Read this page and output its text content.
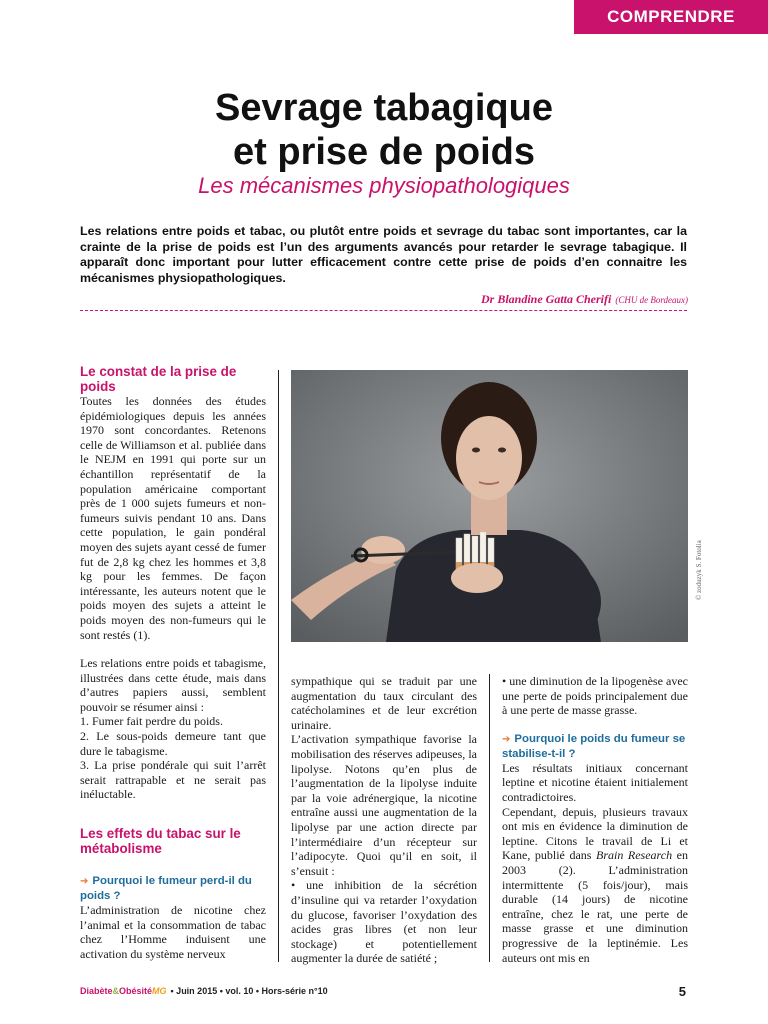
COMPRENDRE
Sevrage tabagique
et prise de poids
Les mécanismes physiopathologiques

Les relations entre poids et tabac, ou plutôt entre poids et sevrage du tabac sont importantes, car la crainte de la prise de poids est l’un des arguments avancés pour retarder le sevrage tabagique. Il apparaît donc important pour lutter efficacement contre cette prise de poids d’en connaitre les mécanismes physiopathologiques.

Dr Blandine Gatta Cherifi (CHU de Bordeaux)
Le constat de la prise de poids

Toutes les données des études épidémiologiques depuis les années 1970 sont concordantes. Retenons celle de Williamson et al. publiée dans le NEJM en 1991 qui porte sur un échantillon représentatif de la population américaine comportant près de 1 000 sujets fumeurs et non-fumeurs suivis pendant 10 ans. Dans cette population, le gain pondéral moyen des sujets ayant cessé de fumer fut de 2,8 kg chez les hommes et 3,8 kg pour les femmes. De façon intéressante, les auteurs notent que le poids moyen des sujets a atteint le poids moyen des non-fumeurs qui le sont restés (1).

Les relations entre poids et tabagisme, illustrées dans cette étude, mais dans d’autres papiers aussi, semblent pouvoir se résumer ainsi :

1. Fumer fait perdre du poids.

2. Le sous-poids demeure tant que dure le tabagisme.

3. La prise pondérale qui suit l’arrêt serait rattrapable et ne serait pas inéluctable.

Les effets du tabac sur le métabolisme
➔ Pourquoi le fumeur perd-il du poids ?

L’administration de nicotine chez l’animal et la consommation de tabac chez l’Homme induisent une activation du système nerveux

© zoduzyk S. Fotolia

sympathique qui se traduit par une augmentation du taux circulant des catécholamines et de leur excrétion urinaire.

L’activation sympathique favorise la mobilisation des réserves adipeuses, la lipolyse. Notons qu’en plus de l’augmentation de la lipolyse induite par la voie adrénergique, la nicotine entraîne aussi une augmentation de la lipolyse par une action directe par l’intermédiaire d’un récepteur sur l’adipocyte. Quoi qu’il en soit, il s’ensuit :

• une inhibition de la sécrétion d’insuline qui va retarder l’oxydation du glucose, favoriser l’oxydation des acides gras libres (et non leur stockage) et potentiellement augmenter la durée de satiété ;

• une diminution de la lipogenèse avec une perte de poids principalement due à une perte de masse grasse.

➔ Pourquoi le poids du fumeur se stabilise-t-il ?

Les résultats initiaux concernant leptine et nicotine étaient initialement contradictoires.

Cependant, depuis, plusieurs travaux ont mis en évidence la diminution de leptine. Citons le travail de Li et Kane, publié dans Brain Research en 2003 (2). L’administration intermittente (5 fois/jour), mais durable (14 jours) de nicotine entraîne, chez le rat, une perte de masse grasse et une diminution progressive de la leptinémie. Les auteurs ont mis en

Diabète&ObésitéMG • Juin 2015 • vol. 10 • Hors-série n°10	5
